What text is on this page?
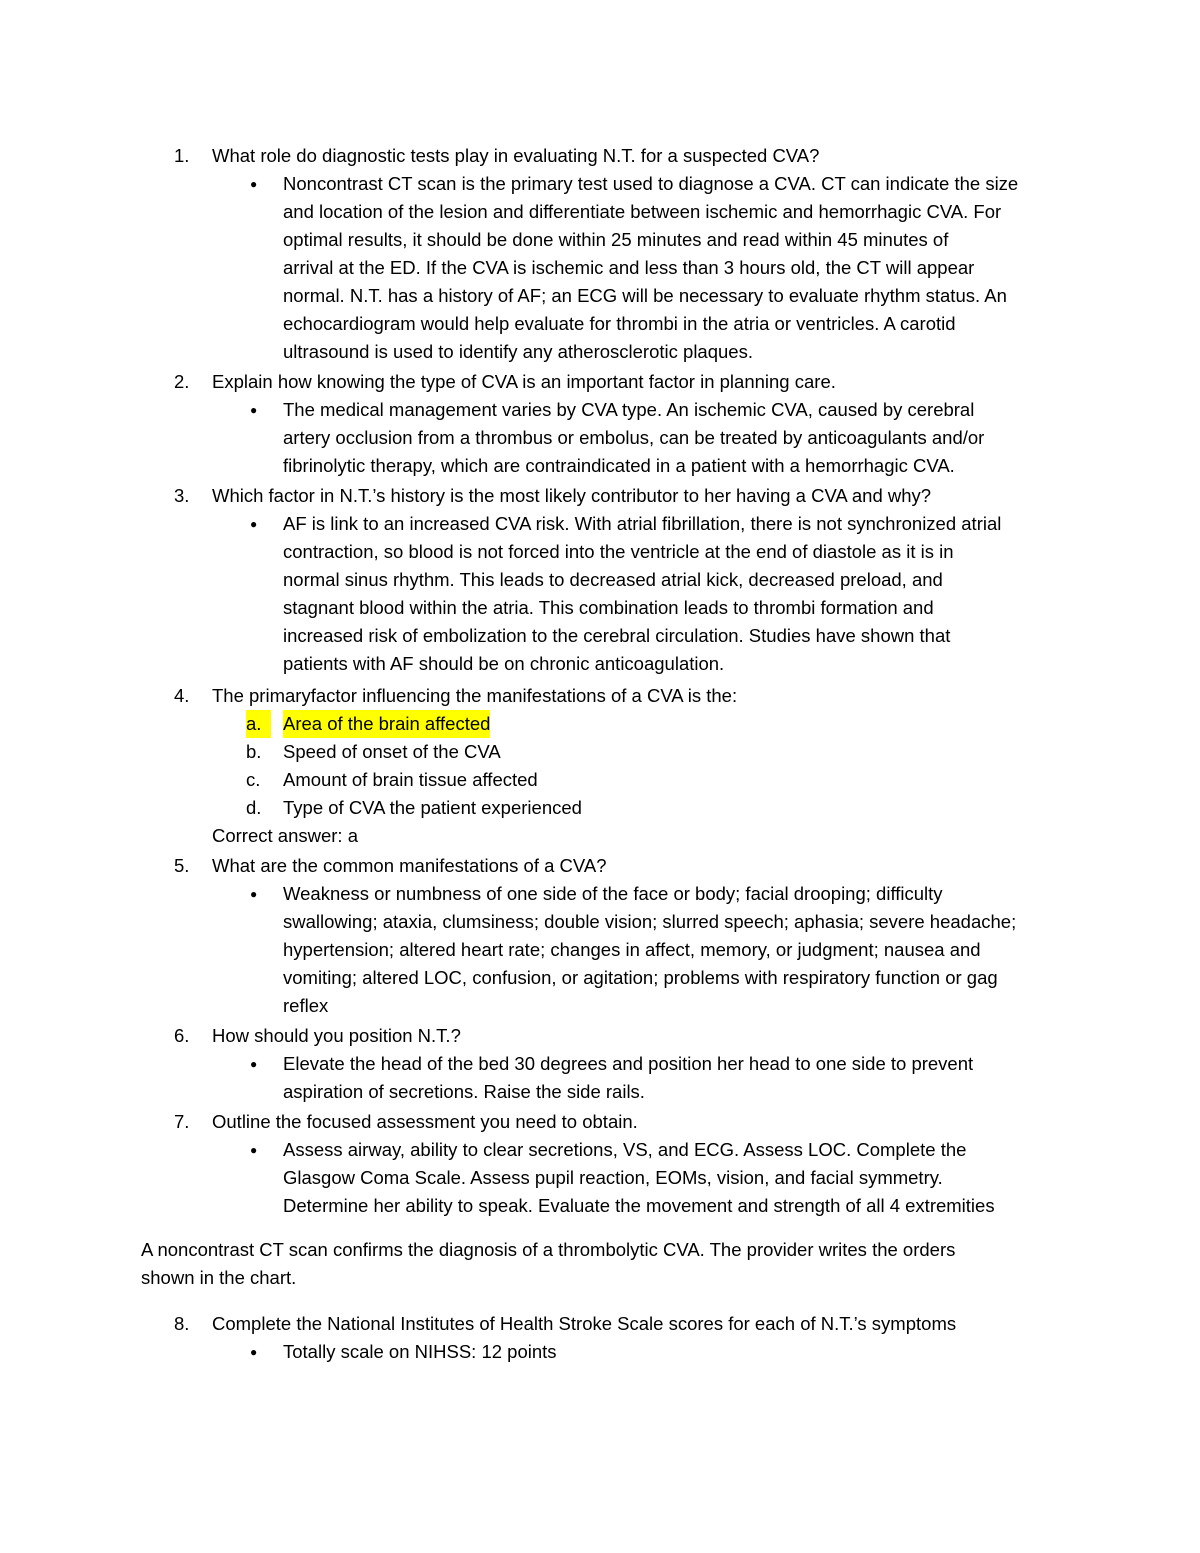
1. What role do diagnostic tests play in evaluating N.T. for a suspected CVA?
● Noncontrast CT scan is the primary test used to diagnose a CVA. CT can indicate the size
and location of the lesion and differentiate between ischemic and hemorrhagic CVA. For
optimal results, it should be done within 25 minutes and read within 45 minutes of
arrival at the ED. If the CVA is ischemic and less than 3 hours old, the CT will appear
normal. N.T. has a history of AF; an ECG will be necessary to evaluate rhythm status. An
echocardiogram would help evaluate for thrombi in the atria or ventricles. A carotid
ultrasound is used to identify any atherosclerotic plaques.
2. Explain how knowing the type of CVA is an important factor in planning care.
● The medical management varies by CVA type. An ischemic CVA, caused by cerebral
artery occlusion from a thrombus or embolus, can be treated by anticoagulants and/or
fibrinolytic therapy, which are contraindicated in a patient with a hemorrhagic CVA.
3. Which factor in N.T.’s history is the most likely contributor to her having a CVA and why?
● AF is link to an increased CVA risk. With atrial fibrillation, there is not synchronized atrial
contraction, so blood is not forced into the ventricle at the end of diastole as it is in
normal sinus rhythm. This leads to decreased atrial kick, decreased preload, and
stagnant blood within the atria. This combination leads to thrombi formation and
increased risk of embolization to the cerebral circulation. Studies have shown that
patients with AF should be on chronic anticoagulation.
4. The primaryfactor influencing the manifestations of a CVA is the:
a.	Area of the brain affected
b. Speed of onset of the CVA
c. Amount of brain tissue affected
d. Type of CVA the patient experienced
Correct answer: a
5. What are the common manifestations of a CVA?
● Weakness or numbness of one side of the face or body; facial drooping; difficulty
swallowing; ataxia, clumsiness; double vision; slurred speech; aphasia; severe headache;
hypertension; altered heart rate; changes in affect, memory, or judgment; nausea and
vomiting; altered LOC, confusion, or agitation; problems with respiratory function or gag
reflex
6. How should you position N.T.?
● Elevate the head of the bed 30 degrees and position her head to one side to prevent
aspiration of secretions. Raise the side rails.
7. Outline the focused assessment you need to obtain.
● Assess airway, ability to clear secretions, VS, and ECG. Assess LOC. Complete the
Glasgow Coma Scale. Assess pupil reaction, EOMs, vision, and facial symmetry.
Determine her ability to speak. Evaluate the movement and strength of all 4 extremities
A noncontrast CT scan confirms the diagnosis of a thrombolytic CVA. The provider writes the orders
shown in the chart.
8. Complete the National Institutes of Health Stroke Scale scores for each of N.T.’s symptoms
● Totally scale on NIHSS: 12 points
